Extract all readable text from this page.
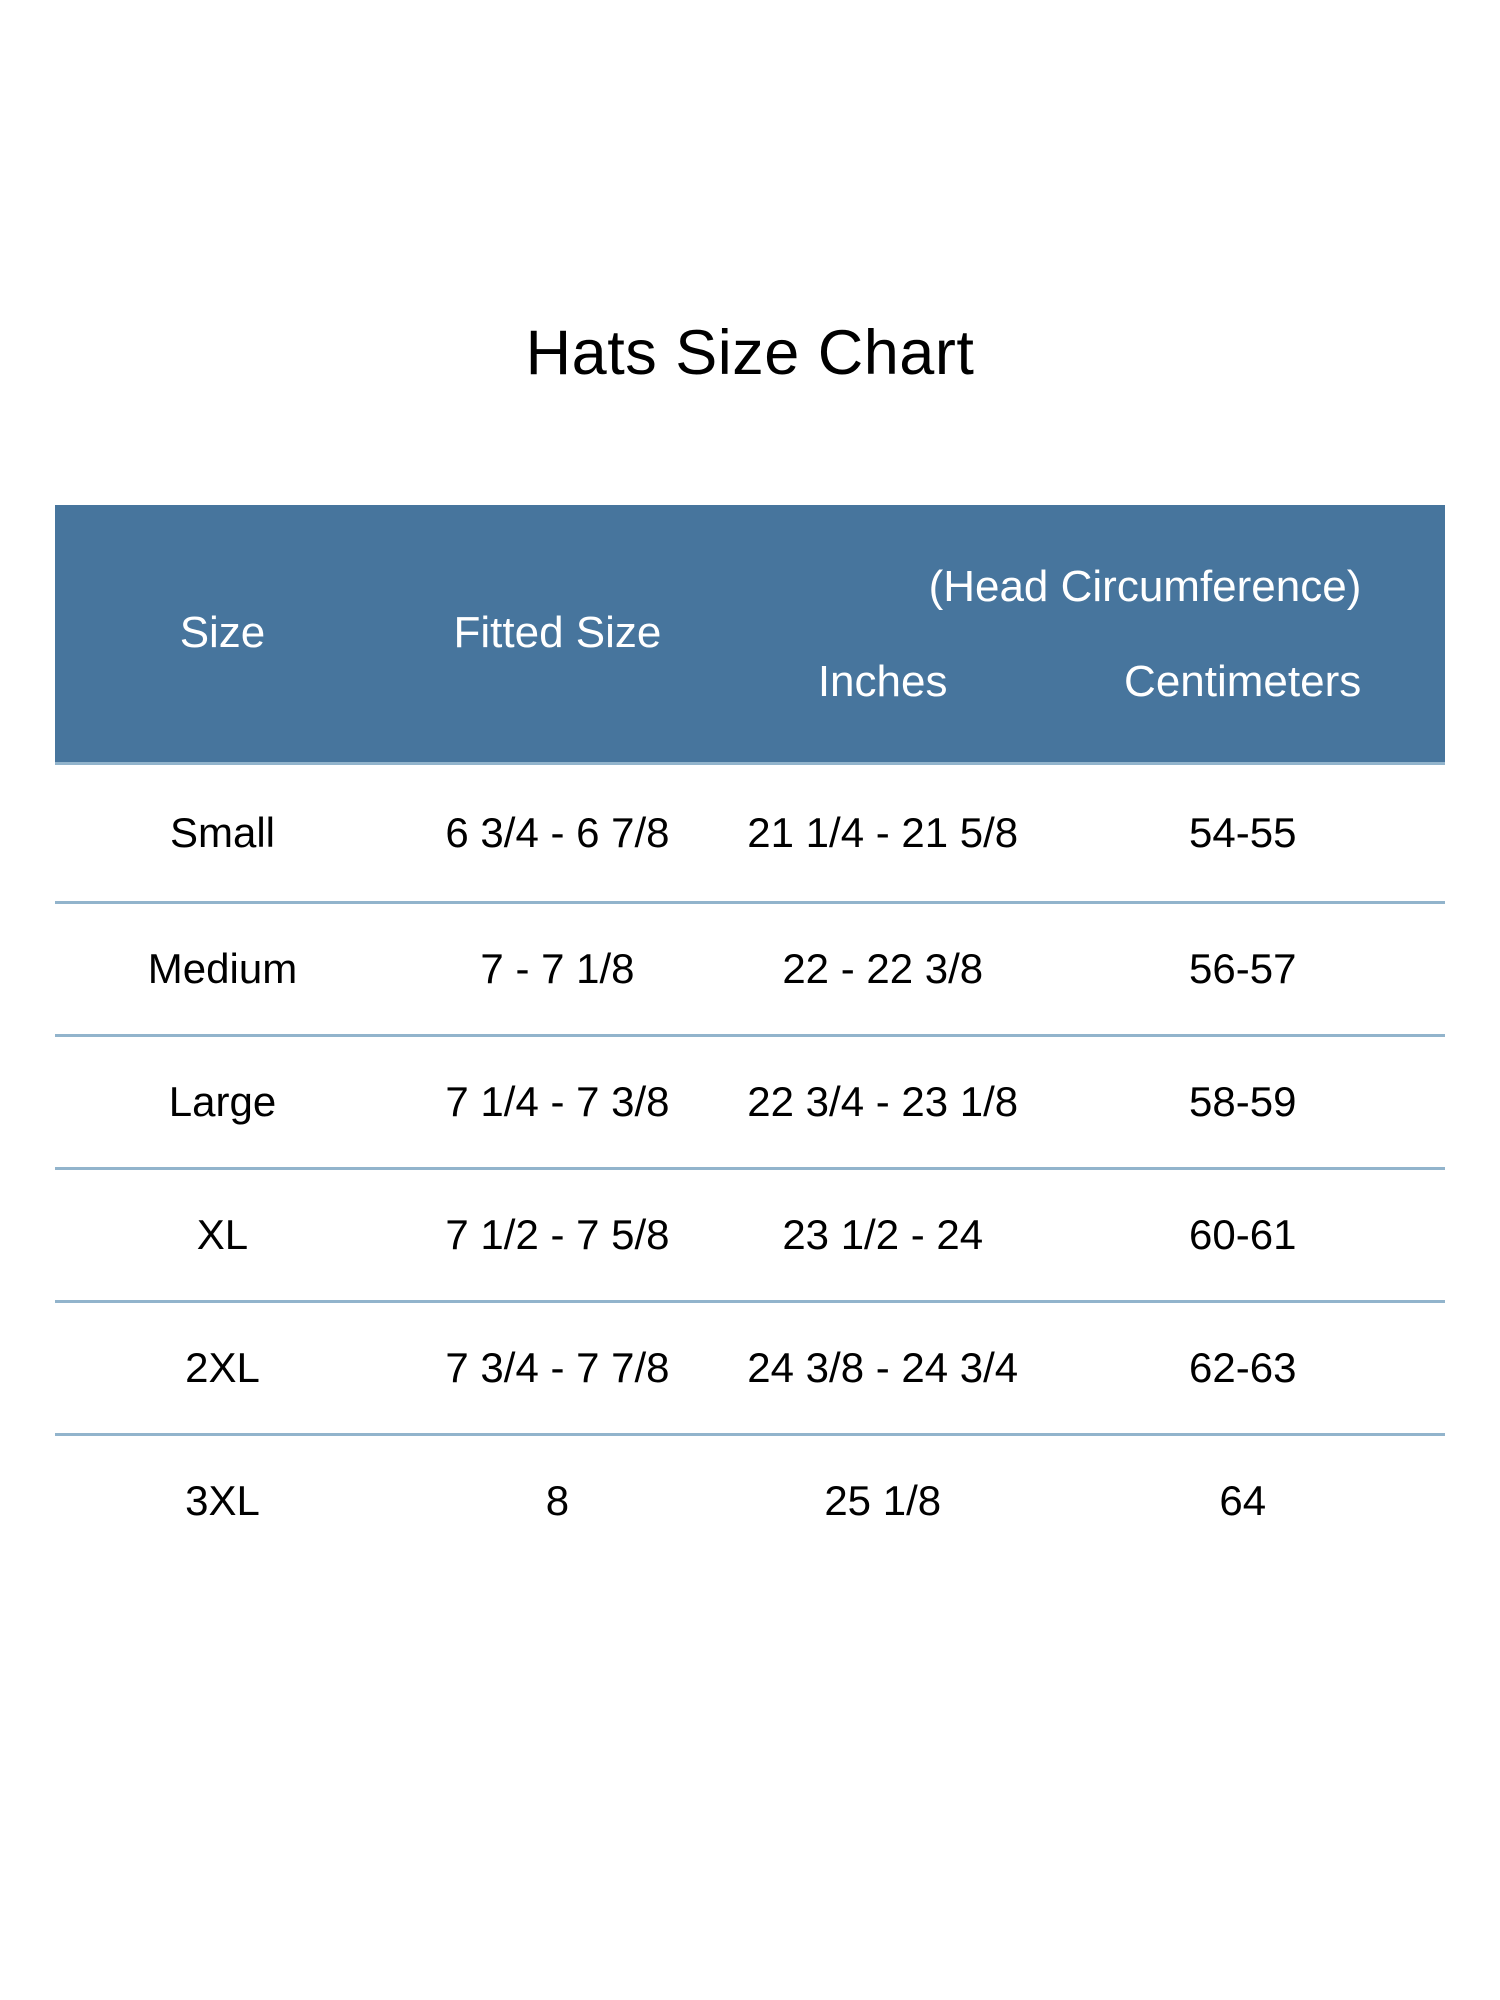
Hats Size Chart
Size	Fitted Size
(Head Circumference)
Inches	Centimeters
Small	6 3/4 - 6 7/8	21 1/4 - 21 5/8	54-55
Medium	7 - 7 1/8	22 - 22 3/8	56-57
Large	7 1/4 - 7 3/8	22 3/4 - 23 1/8	58-59
XL	7 1/2 - 7 5/8	23 1/2 - 24	60-61
2XL	7 3/4 - 7 7/8	24 3/8 - 24 3/4	62-63
3XL	8	25 1/8	64
